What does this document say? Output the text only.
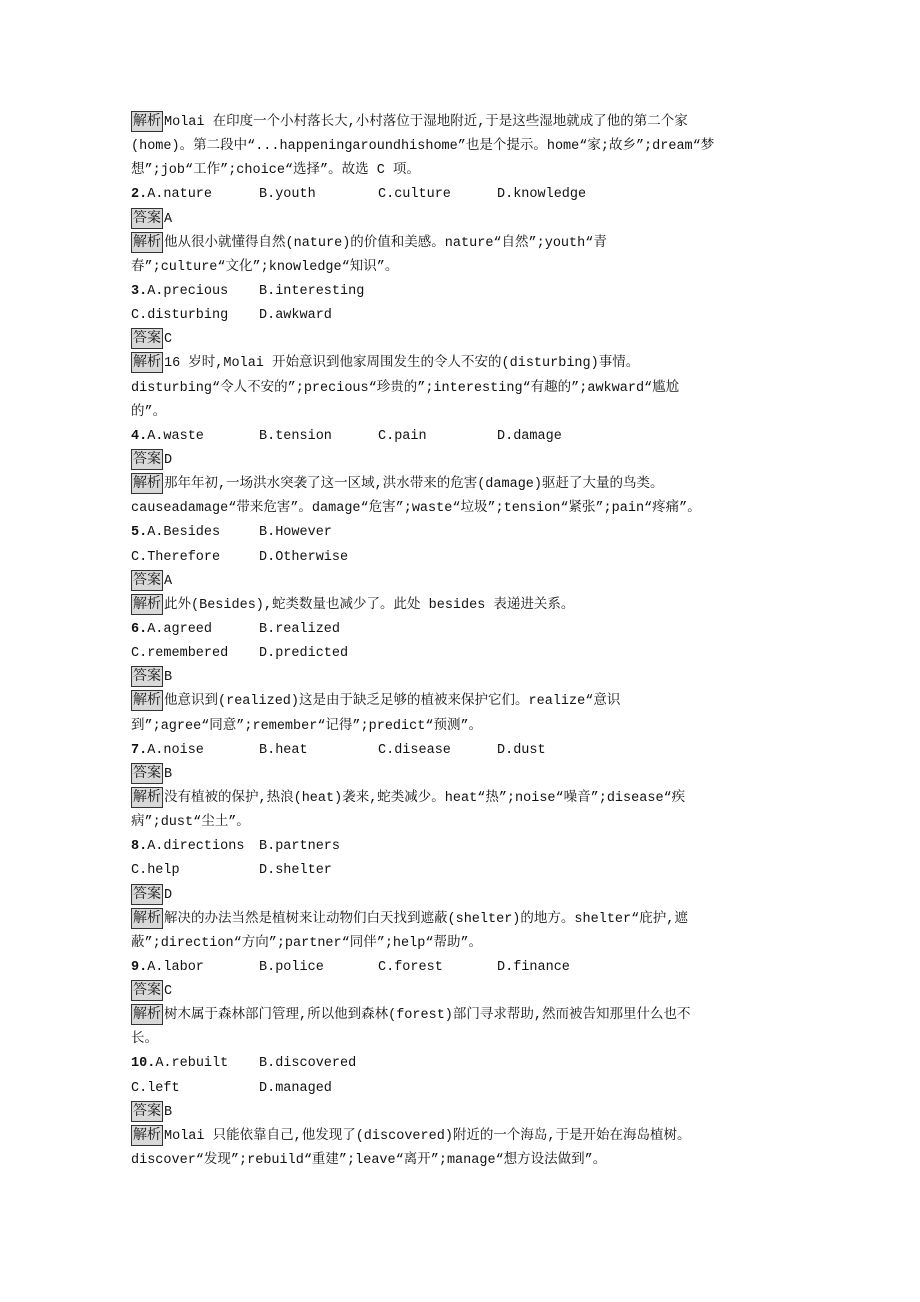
解析 Molai 在印度一个小村落长大,小村落位于湿地附近,于是这些湿地就成了他的第二个家
(home)。第二段中“...happeningaroundhishome”也是个提示。home“家;故乡”;dream“梦
想”;job“工作”;choice“选择”。故选 C 项。
2.A.nature	B.youth	C.culture	D.knowledge
答案 A
解析 他从很小就懂得自然(nature)的价值和美感。nature“自然”;youth“青
春”;culture“文化”;knowledge“知识”。
3.A.precious B.interesting
C.disturbing D.awkward
答案 C
解析 16 岁时,Molai 开始意识到他家周围发生的令人不安的(disturbing)事情。
disturbing“令人不安的”;precious“珍贵的”;interesting“有趣的”;awkward“尴尬
的”。
4.A.waste	B.tension	C.pain	D.damage
答案 D
解析 那年年初,一场洪水突袭了这一区域,洪水带来的危害(damage)驱赶了大量的鸟类。
causeadamage“带来危害”。damage“危害”;waste“垃圾”;tension“紧张”;pain“疼痛”。
5.A.Besides	B.However
C.Therefore	D.Otherwise
答案 A
解析 此外(Besides),蛇类数量也减少了。此处 besides 表递进关系。
6.A.agreed	B.realized
C.remembered D.predicted
答案 B
解析 他意识到(realized)这是由于缺乏足够的植被来保护它们。realize“意识
到”;agree“同意”;remember“记得”;predict“预测”。
7.A.noise	B.heat	C.disease	D.dust
答案 B
解析 没有植被的保护,热浪(heat)袭来,蛇类减少。heat“热”;noise“噪音”;disease“疾
病”;dust“尘土”。
8.A.directions B.partners
C.help	D.shelter
答案 D
解析 解决的办法当然是植树来让动物们白天找到遮蔽(shelter)的地方。shelter“庇护,遮
蔽”;direction“方向”;partner“同伴”;help“帮助”。
9.A.labor	B.police	C.forest	D.finance
答案 C
解析 树木属于森林部门管理,所以他到森林(forest)部门寻求帮助,然而被告知那里什么也不
长。
10.A.rebuilt B.discovered
C.left	D.managed
答案 B
解析 Molai 只能依靠自己,他发现了(discovered)附近的一个海岛,于是开始在海岛植树。
discover“发现”;rebuild“重建”;leave“离开”;manage“想方设法做到”。
